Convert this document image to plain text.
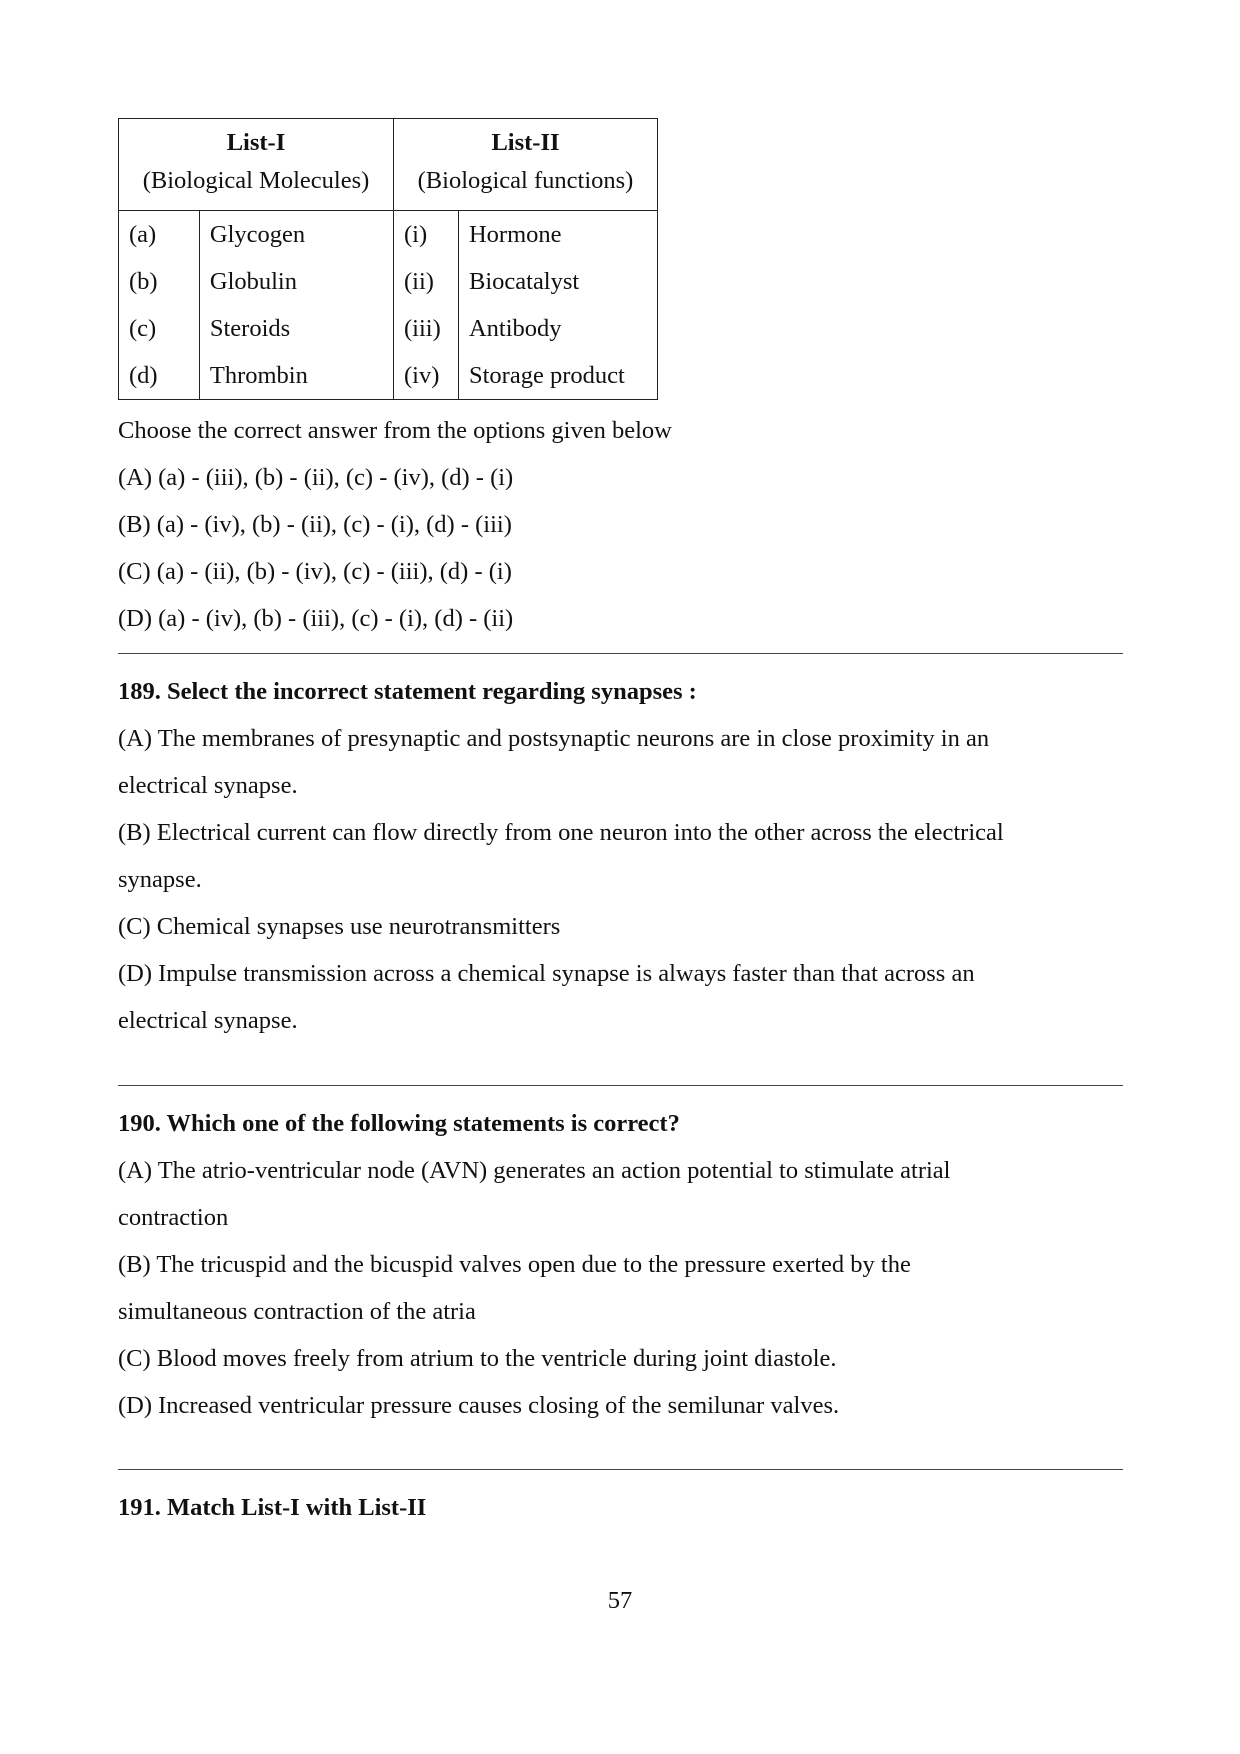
List-I		List-II	
(Biological Molecules)		(Biological functions)	
(a)	Glycogen	(i)	Hormone
(b)	Globulin	(ii)	Biocatalyst
(c)	Steroids	(iii)	Antibody
(d)	Thrombin	(iv)	Storage product
Choose the correct answer from the options given below
(A) (a) - (iii), (b) - (ii), (c) - (iv), (d) - (i)
(B) (a) - (iv), (b) - (ii), (c) - (i), (d) - (iii)
(C) (a) - (ii), (b) - (iv), (c) - (iii), (d) - (i)
(D) (a) - (iv), (b) - (iii), (c) - (i), (d) - (ii)
189. Select the incorrect statement regarding synapses :
(A) The membranes of presynaptic and postsynaptic neurons are in close proximity in an
electrical synapse.
(B) Electrical current can flow directly from one neuron into the other across the electrical
synapse.
(C) Chemical synapses use neurotransmitters
(D) Impulse transmission across a chemical synapse is always faster than that across an
electrical synapse.
190. Which one of the following statements is correct?
(A) The atrio-ventricular node (AVN) generates an action potential to stimulate atrial
contraction
(B) The tricuspid and the bicuspid valves open due to the pressure exerted by the
simultaneous contraction of the atria
(C) Blood moves freely from atrium to the ventricle during joint diastole.
(D) Increased ventricular pressure causes closing of the semilunar valves.
191. Match List-I with List-II
57
